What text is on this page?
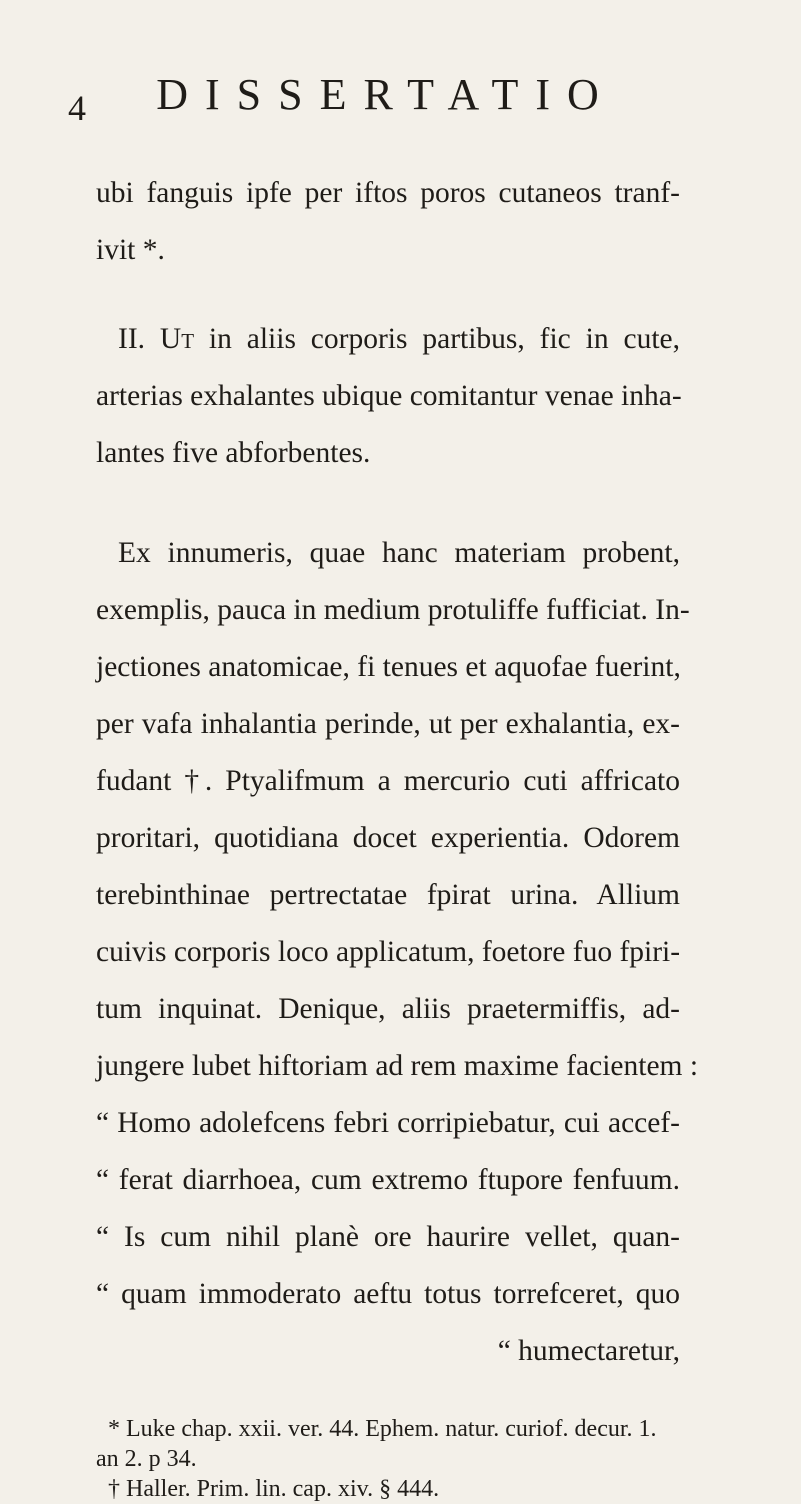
4	DISSERTATIO
ubi fanguis ipfe per iftos poros cutaneos tranf-
ivit *.
II. Ut in aliis corporis partibus, fic in cute,
arterias exhalantes ubique comitantur venae inha-
lantes five abforbentes.
Ex innumeris, quae hanc materiam probent,
exemplis, pauca in medium protuliffe fufficiat. In-
jectiones anatomicae, fi tenues et aquofae fuerint,
per vafa inhalantia perinde, ut per exhalantia, ex-
fudant †. Ptyalifmum a mercurio cuti affricato
proritari, quotidiana docet experientia. Odorem
terebinthinae pertrectatae fpirat urina. Allium
cuivis corporis loco applicatum, foetore fuo fpiri-
tum inquinat. Denique, aliis praetermiffis, ad-
jungere lubet hiftoriam ad rem maxime facientem :
“ Homo adolefcens febri corripiebatur, cui accef-
“ ferat diarrhoea, cum extremo ftupore fenfuum.
“ Is cum nihil planè ore haurire vellet, quan-
“ quam immoderato aeftu totus torrefceret, quo
“ humectaretur,
* Luke chap. xxii. ver. 44. Ephem. natur. curiof. decur. 1.
an 2. p 34.
† Haller. Prim. lin. cap. xiv. § 444.
